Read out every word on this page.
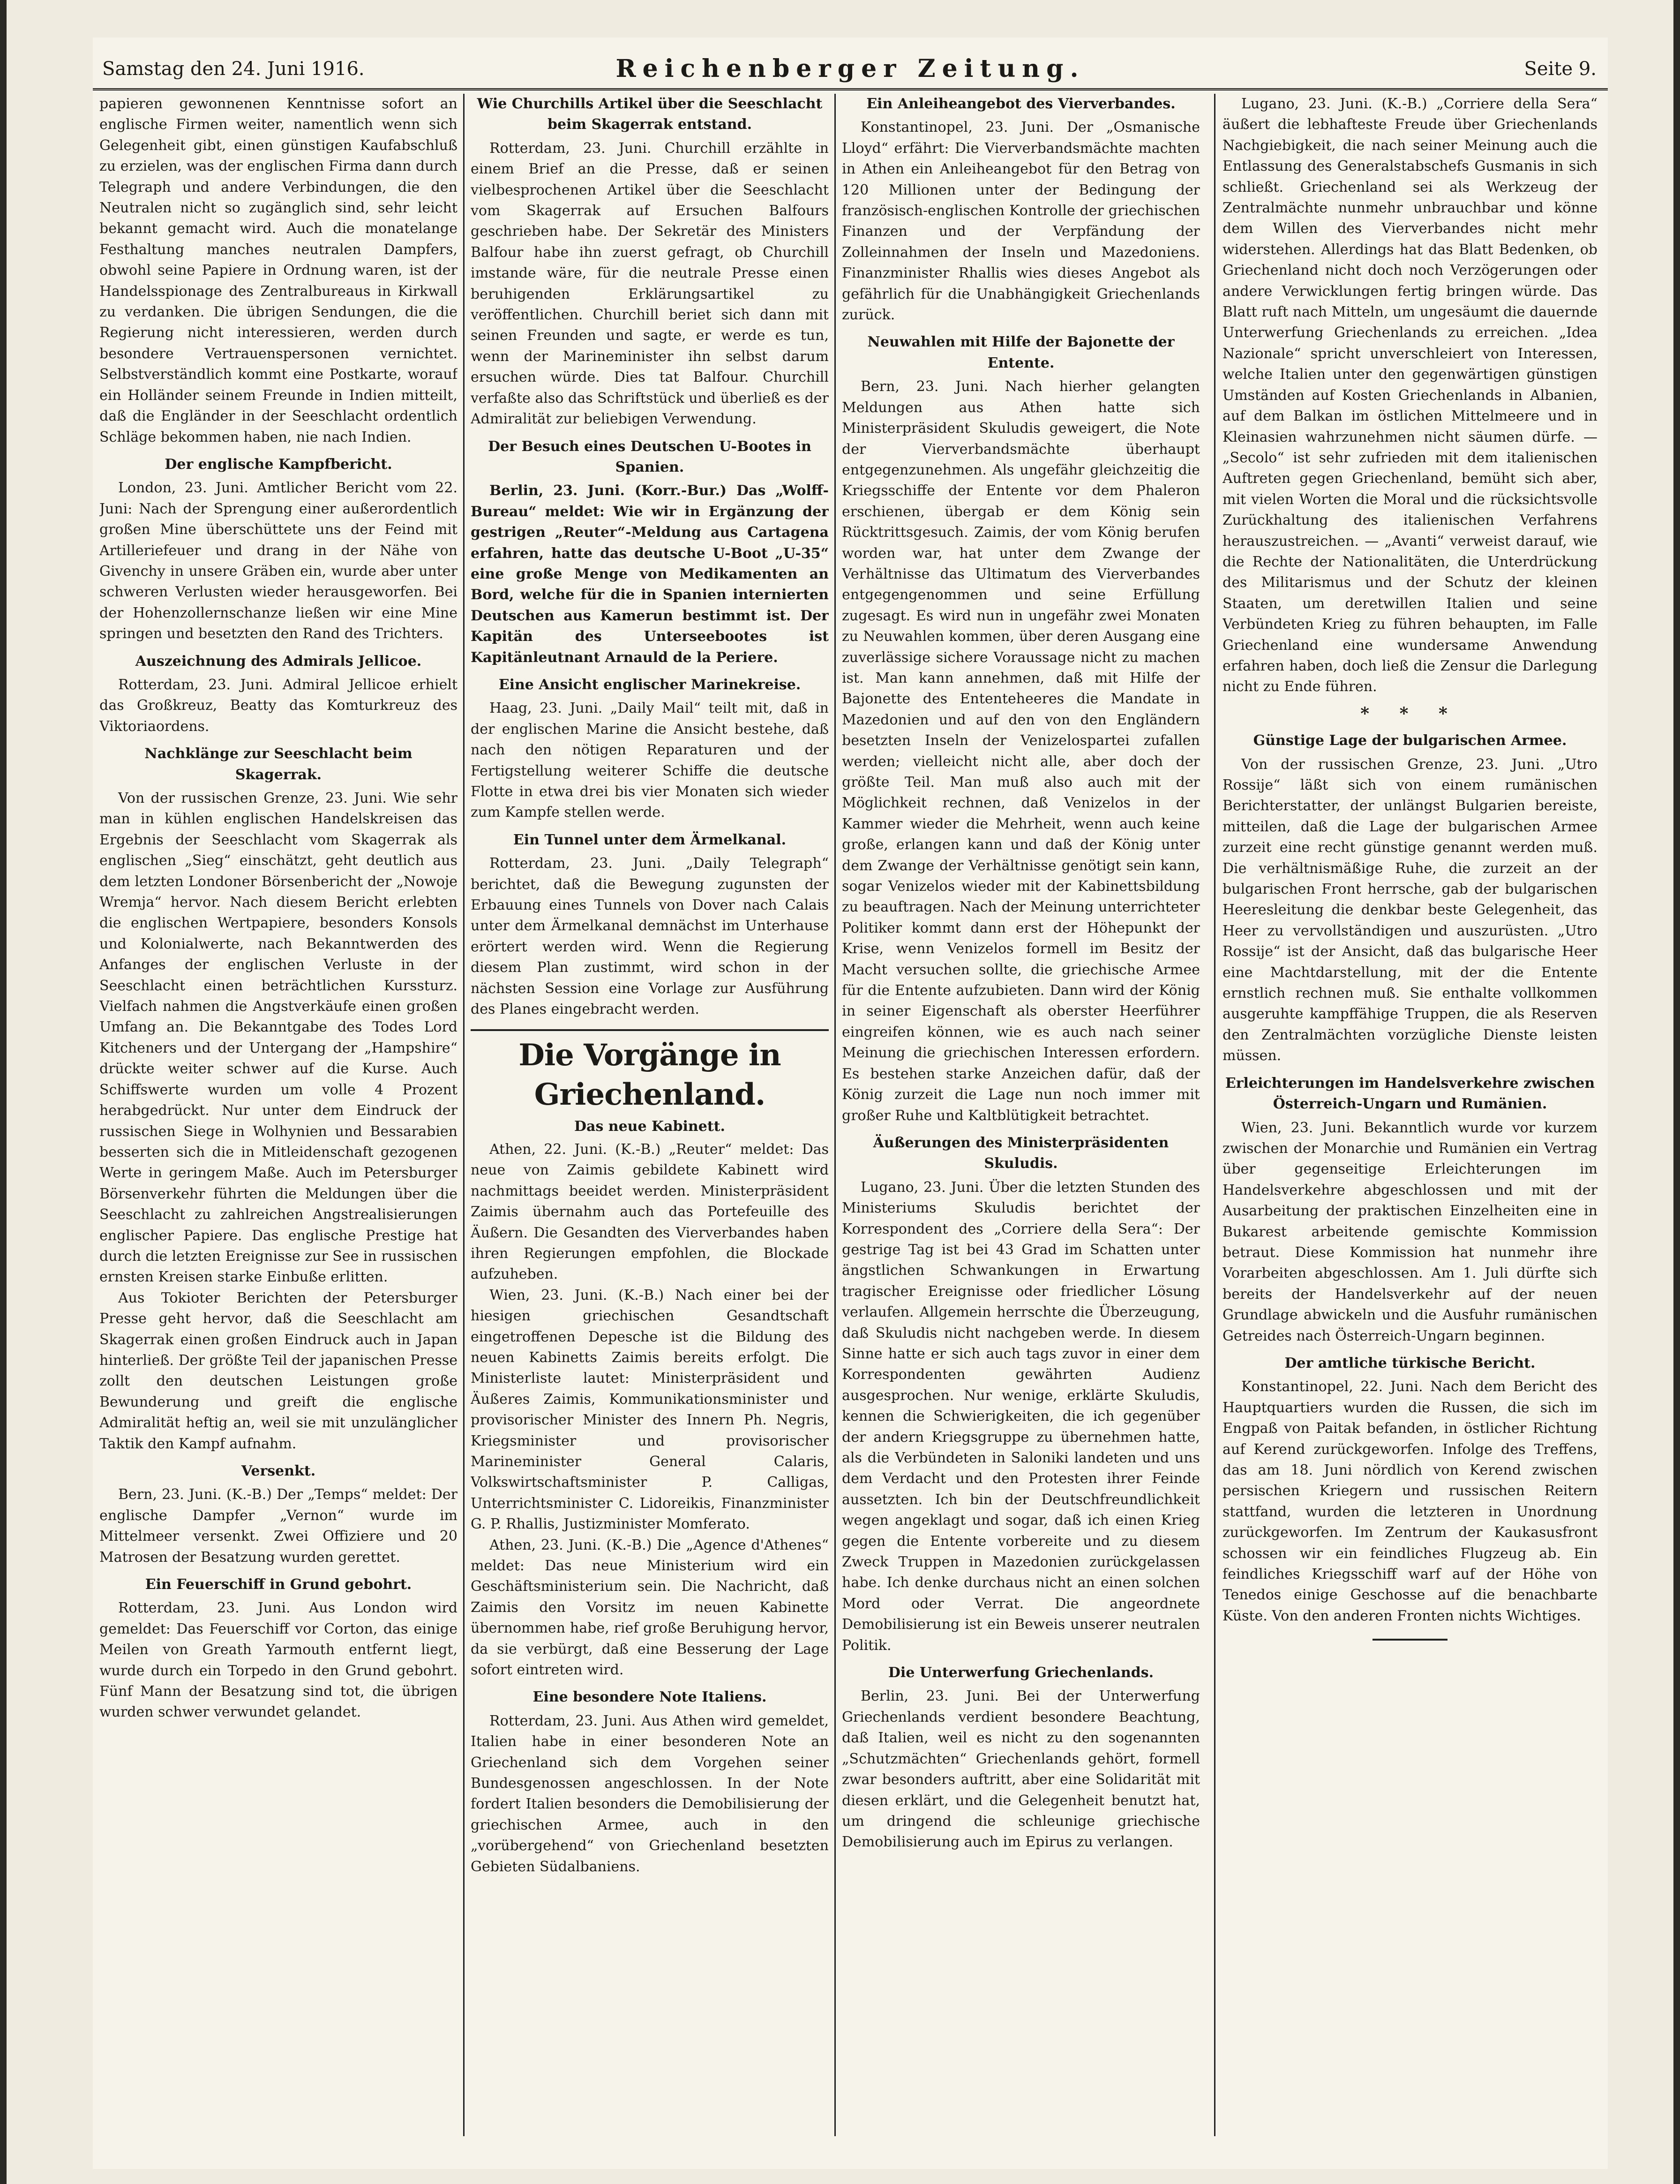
Samstag den 24. Juni 1916.	Reichenberger Zeitung.	Seite 9.

papieren gewonnenen Kenntnisse sofort an englische Firmen weiter, namentlich wenn sich Gelegenheit gibt, einen günstigen Kaufabschluß zu erzielen, was der englischen Firma dann durch Telegraph und andere Verbindungen, die den Neutralen nicht so zugänglich sind, sehr leicht bekannt gemacht wird. Auch die monatelange Festhaltung manches neutralen Dampfers, obwohl seine Papiere in Ordnung waren, ist der Handelsspionage des Zentralbureaus in Kirkwall zu verdanken. Die übrigen Sendungen, die die Regierung nicht interessieren, werden durch besondere Vertrauenspersonen vernichtet. Selbstverständlich kommt eine Postkarte, worauf ein Holländer seinem Freunde in Indien mitteilt, daß die Engländer in der Seeschlacht ordentlich Schläge bekommen haben, nie nach Indien.

Der englische Kampfbericht.

London, 23. Juni. Amtlicher Bericht vom 22. Juni: Nach der Sprengung einer außerordentlich großen Mine überschüttete uns der Feind mit Artilleriefeuer und drang in der Nähe von Givenchy in unsere Gräben ein, wurde aber unter schweren Verlusten wieder herausgeworfen. Bei der Hohenzollernschanze ließen wir eine Mine springen und besetzten den Rand des Trichters.

Auszeichnung des Admirals Jellicoe.

Rotterdam, 23. Juni. Admiral Jellicoe erhielt das Großkreuz, Beatty das Komturkreuz des Viktoriaordens.

Nachklänge zur Seeschlacht beim Skagerrak.

Von der russischen Grenze, 23. Juni. Wie sehr man in kühlen englischen Handelskreisen das Ergebnis der Seeschlacht vom Skagerrak als englischen „Sieg“ einschätzt, geht deutlich aus dem letzten Londoner Börsenbericht der „Nowoje Wremja“ hervor. Nach diesem Bericht erlebten die englischen Wertpapiere, besonders Konsols und Kolonialwerte, nach Bekanntwerden des Anfanges der englischen Verluste in der Seeschlacht einen beträchtlichen Kurssturz. Vielfach nahmen die Angstverkäufe einen großen Umfang an. Die Bekanntgabe des Todes Lord Kitcheners und der Untergang der „Hampshire“ drückte weiter schwer auf die Kurse. Auch Schiffswerte wurden um volle 4 Prozent herabgedrückt. Nur unter dem Eindruck der russischen Siege in Wolhynien und Bessarabien besserten sich die in Mitleidenschaft gezogenen Werte in geringem Maße. Auch im Petersburger Börsenverkehr führten die Meldungen über die Seeschlacht zu zahlreichen Angstrealisierungen englischer Papiere. Das englische Prestige hat durch die letzten Ereignisse zur See in russischen ernsten Kreisen starke Einbuße erlitten.

Aus Tokioter Berichten der Petersburger Presse geht hervor, daß die Seeschlacht am Skagerrak einen großen Eindruck auch in Japan hinterließ. Der größte Teil der japanischen Presse zollt den deutschen Leistungen große Bewunderung und greift die englische Admiralität heftig an, weil sie mit unzulänglicher Taktik den Kampf aufnahm.

Versenkt.

Bern, 23. Juni. (K.-B.) Der „Temps“ meldet: Der englische Dampfer „Vernon“ wurde im Mittelmeer versenkt. Zwei Offiziere und 20 Matrosen der Besatzung wurden gerettet.

Ein Feuerschiff in Grund gebohrt.

Rotterdam, 23. Juni. Aus London wird gemeldet: Das Feuerschiff vor Corton, das einige Meilen von Greath Yarmouth entfernt liegt, wurde durch ein Torpedo in den Grund gebohrt. Fünf Mann der Besatzung sind tot, die übrigen wurden schwer verwundet gelandet.

Wie Churchills Artikel über die Seeschlacht beim Skagerrak entstand.

Rotterdam, 23. Juni. Churchill erzählte in einem Brief an die Presse, daß er seinen vielbesprochenen Artikel über die Seeschlacht vom Skagerrak auf Ersuchen Balfours geschrieben habe. Der Sekretär des Ministers Balfour habe ihn zuerst gefragt, ob Churchill imstande wäre, für die neutrale Presse einen beruhigenden Erklärungsartikel zu veröffentlichen. Churchill beriet sich dann mit seinen Freunden und sagte, er werde es tun, wenn der Marineminister ihn selbst darum ersuchen würde. Dies tat Balfour. Churchill verfaßte also das Schriftstück und überließ es der Admiralität zur beliebigen Verwendung.

Der Besuch eines Deutschen U-Bootes in Spanien.

Berlin, 23. Juni. (Korr.-Bur.) Das „Wolff-Bureau“ meldet: Wie wir in Ergänzung der gestrigen „Reuter“-Meldung aus Cartagena erfahren, hatte das deutsche U-Boot „U-35“ eine große Menge von Medikamenten an Bord, welche für die in Spanien internierten Deutschen aus Kamerun bestimmt ist. Der Kapitän des Unterseebootes ist Kapitänleutnant Arnauld de la Periere.

Eine Ansicht englischer Marinekreise.

Haag, 23. Juni. „Daily Mail“ teilt mit, daß in der englischen Marine die Ansicht bestehe, daß nach den nötigen Reparaturen und der Fertigstellung weiterer Schiffe die deutsche Flotte in etwa drei bis vier Monaten sich wieder zum Kampfe stellen werde.

Ein Tunnel unter dem Ärmelkanal.

Rotterdam, 23. Juni. „Daily Telegraph“ berichtet, daß die Bewegung zugunsten der Erbauung eines Tunnels von Dover nach Calais unter dem Ärmelkanal demnächst im Unterhause erörtert werden wird. Wenn die Regierung diesem Plan zustimmt, wird schon in der nächsten Session eine Vorlage zur Ausführung des Planes eingebracht werden.

Die Vorgänge in Griechenland.
Das neue Kabinett.

Athen, 22. Juni. (K.-B.) „Reuter“ meldet: Das neue von Zaimis gebildete Kabinett wird nachmittags beeidet werden. Ministerpräsident Zaimis übernahm auch das Portefeuille des Äußern. Die Gesandten des Vierverbandes haben ihren Regierungen empfohlen, die Blockade aufzuheben.

Wien, 23. Juni. (K.-B.) Nach einer bei der hiesigen griechischen Gesandtschaft eingetroffenen Depesche ist die Bildung des neuen Kabinetts Zaimis bereits erfolgt. Die Ministerliste lautet: Ministerpräsident und Äußeres Zaimis, Kommunikationsminister und provisorischer Minister des Innern Ph. Negris, Kriegsminister und provisorischer Marineminister General Calaris, Volkswirtschaftsminister P. Calligas, Unterrichtsminister C. Lidoreikis, Finanzminister G. P. Rhallis, Justizminister Momferato.

Athen, 23. Juni. (K.-B.) Die „Agence d'Athenes“ meldet: Das neue Ministerium wird ein Geschäftsministerium sein. Die Nachricht, daß Zaimis den Vorsitz im neuen Kabinette übernommen habe, rief große Beruhigung hervor, da sie verbürgt, daß eine Besserung der Lage sofort eintreten wird.

Eine besondere Note Italiens.

Rotterdam, 23. Juni. Aus Athen wird gemeldet, Italien habe in einer besonderen Note an Griechenland sich dem Vorgehen seiner Bundesgenossen angeschlossen. In der Note fordert Italien besonders die Demobilisierung der griechischen Armee, auch in den „vorübergehend“ von Griechenland besetzten Gebieten Südalbaniens.

Ein Anleiheangebot des Vierverbandes.

Konstantinopel, 23. Juni. Der „Osmanische Lloyd“ erfährt: Die Vierverbandsmächte machten in Athen ein Anleiheangebot für den Betrag von 120 Millionen unter der Bedingung der französisch-englischen Kontrolle der griechischen Finanzen und der Verpfändung der Zolleinnahmen der Inseln und Mazedoniens. Finanzminister Rhallis wies dieses Angebot als gefährlich für die Unabhängigkeit Griechenlands zurück.

Neuwahlen mit Hilfe der Bajonette der Entente.

Bern, 23. Juni. Nach hierher gelangten Meldungen aus Athen hatte sich Ministerpräsident Skuludis geweigert, die Note der Vierverbandsmächte überhaupt entgegenzunehmen. Als ungefähr gleichzeitig die Kriegsschiffe der Entente vor dem Phaleron erschienen, übergab er dem König sein Rücktrittsgesuch. Zaimis, der vom König berufen worden war, hat unter dem Zwange der Verhältnisse das Ultimatum des Vierverbandes entgegengenommen und seine Erfüllung zugesagt. Es wird nun in ungefähr zwei Monaten zu Neuwahlen kommen, über deren Ausgang eine zuverlässige sichere Voraussage nicht zu machen ist. Man kann annehmen, daß mit Hilfe der Bajonette des Ententeheeres die Mandate in Mazedonien und auf den von den Engländern besetzten Inseln der Venizelospartei zufallen werden; vielleicht nicht alle, aber doch der größte Teil. Man muß also auch mit der Möglichkeit rechnen, daß Venizelos in der Kammer wieder die Mehrheit, wenn auch keine große, erlangen kann und daß der König unter dem Zwange der Verhältnisse genötigt sein kann, sogar Venizelos wieder mit der Kabinettsbildung zu beauftragen. Nach der Meinung unterrichteter Politiker kommt dann erst der Höhepunkt der Krise, wenn Venizelos formell im Besitz der Macht versuchen sollte, die griechische Armee für die Entente aufzubieten. Dann wird der König in seiner Eigenschaft als oberster Heerführer eingreifen können, wie es auch nach seiner Meinung die griechischen Interessen erfordern. Es bestehen starke Anzeichen dafür, daß der König zurzeit die Lage nun noch immer mit großer Ruhe und Kaltblütigkeit betrachtet.

Äußerungen des Ministerpräsidenten Skuludis.

Lugano, 23. Juni. Über die letzten Stunden des Ministeriums Skuludis berichtet der Korrespondent des „Corriere della Sera“: Der gestrige Tag ist bei 43 Grad im Schatten unter ängstlichen Schwankungen in Erwartung tragischer Ereignisse oder friedlicher Lösung verlaufen. Allgemein herrschte die Überzeugung, daß Skuludis nicht nachgeben werde. In diesem Sinne hatte er sich auch tags zuvor in einer dem Korrespondenten gewährten Audienz ausgesprochen. Nur wenige, erklärte Skuludis, kennen die Schwierigkeiten, die ich gegenüber der andern Kriegsgruppe zu übernehmen hatte, als die Verbündeten in Saloniki landeten und uns dem Verdacht und den Protesten ihrer Feinde aussetzten. Ich bin der Deutschfreundlichkeit wegen angeklagt und sogar, daß ich einen Krieg gegen die Entente vorbereite und zu diesem Zweck Truppen in Mazedonien zurückgelassen habe. Ich denke durchaus nicht an einen solchen Mord oder Verrat. Die angeordnete Demobilisierung ist ein Beweis unserer neutralen Politik.

Die Unterwerfung Griechenlands.

Berlin, 23. Juni. Bei der Unterwerfung Griechenlands verdient besondere Beachtung, daß Italien, weil es nicht zu den sogenannten „Schutzmächten“ Griechenlands gehört, formell zwar besonders auftritt, aber eine Solidarität mit diesen erklärt, und die Gelegenheit benutzt hat, um dringend die schleunige griechische Demobilisierung auch im Epirus zu verlangen.

Lugano, 23. Juni. (K.-B.) „Corriere della Sera“ äußert die lebhafteste Freude über Griechenlands Nachgiebigkeit, die nach seiner Meinung auch die Entlassung des Generalstabschefs Gusmanis in sich schließt. Griechenland sei als Werkzeug der Zentralmächte nunmehr unbrauchbar und könne dem Willen des Vierverbandes nicht mehr widerstehen. Allerdings hat das Blatt Bedenken, ob Griechenland nicht doch noch Verzögerungen oder andere Verwicklungen fertig bringen würde. Das Blatt ruft nach Mitteln, um ungesäumt die dauernde Unterwerfung Griechenlands zu erreichen. „Idea Nazionale“ spricht unverschleiert von Interessen, welche Italien unter den gegenwärtigen günstigen Umständen auf Kosten Griechenlands in Albanien, auf dem Balkan im östlichen Mittelmeere und in Kleinasien wahrzunehmen nicht säumen dürfe. — „Secolo“ ist sehr zufrieden mit dem italienischen Auftreten gegen Griechenland, bemüht sich aber, mit vielen Worten die Moral und die rücksichtsvolle Zurückhaltung des italienischen Verfahrens herauszustreichen. — „Avanti“ verweist darauf, wie die Rechte der Nationalitäten, die Unterdrückung des Militarismus und der Schutz der kleinen Staaten, um deretwillen Italien und seine Verbündeten Krieg zu führen behaupten, im Falle Griechenland eine wundersame Anwendung erfahren haben, doch ließ die Zensur die Darlegung nicht zu Ende führen.

* * *
Günstige Lage der bulgarischen Armee.

Von der russischen Grenze, 23. Juni. „Utro Rossije“ läßt sich von einem rumänischen Berichterstatter, der unlängst Bulgarien bereiste, mitteilen, daß die Lage der bulgarischen Armee zurzeit eine recht günstige genannt werden muß. Die verhältnismäßige Ruhe, die zurzeit an der bulgarischen Front herrsche, gab der bulgarischen Heeresleitung die denkbar beste Gelegenheit, das Heer zu vervollständigen und auszurüsten. „Utro Rossije“ ist der Ansicht, daß das bulgarische Heer eine Machtdarstellung, mit der die Entente ernstlich rechnen muß. Sie enthalte vollkommen ausgeruhte kampffähige Truppen, die als Reserven den Zentralmächten vorzügliche Dienste leisten müssen.

Erleichterungen im Handelsverkehre zwischen Österreich-Ungarn und Rumänien.

Wien, 23. Juni. Bekanntlich wurde vor kurzem zwischen der Monarchie und Rumänien ein Vertrag über gegenseitige Erleichterungen im Handelsverkehre abgeschlossen und mit der Ausarbeitung der praktischen Einzelheiten eine in Bukarest arbeitende gemischte Kommission betraut. Diese Kommission hat nunmehr ihre Vorarbeiten abgeschlossen. Am 1. Juli dürfte sich bereits der Handelsverkehr auf der neuen Grundlage abwickeln und die Ausfuhr rumänischen Getreides nach Österreich-Ungarn beginnen.

Der amtliche türkische Bericht.

Konstantinopel, 22. Juni. Nach dem Bericht des Hauptquartiers wurden die Russen, die sich im Engpaß von Paitak befanden, in östlicher Richtung auf Kerend zurückgeworfen. Infolge des Treffens, das am 18. Juni nördlich von Kerend zwischen persischen Kriegern und russischen Reitern stattfand, wurden die letzteren in Unordnung zurückgeworfen. Im Zentrum der Kaukasusfront schossen wir ein feindliches Flugzeug ab. Ein feindliches Kriegsschiff warf auf der Höhe von Tenedos einige Geschosse auf die benachbarte Küste. Von den anderen Fronten nichts Wichtiges.
